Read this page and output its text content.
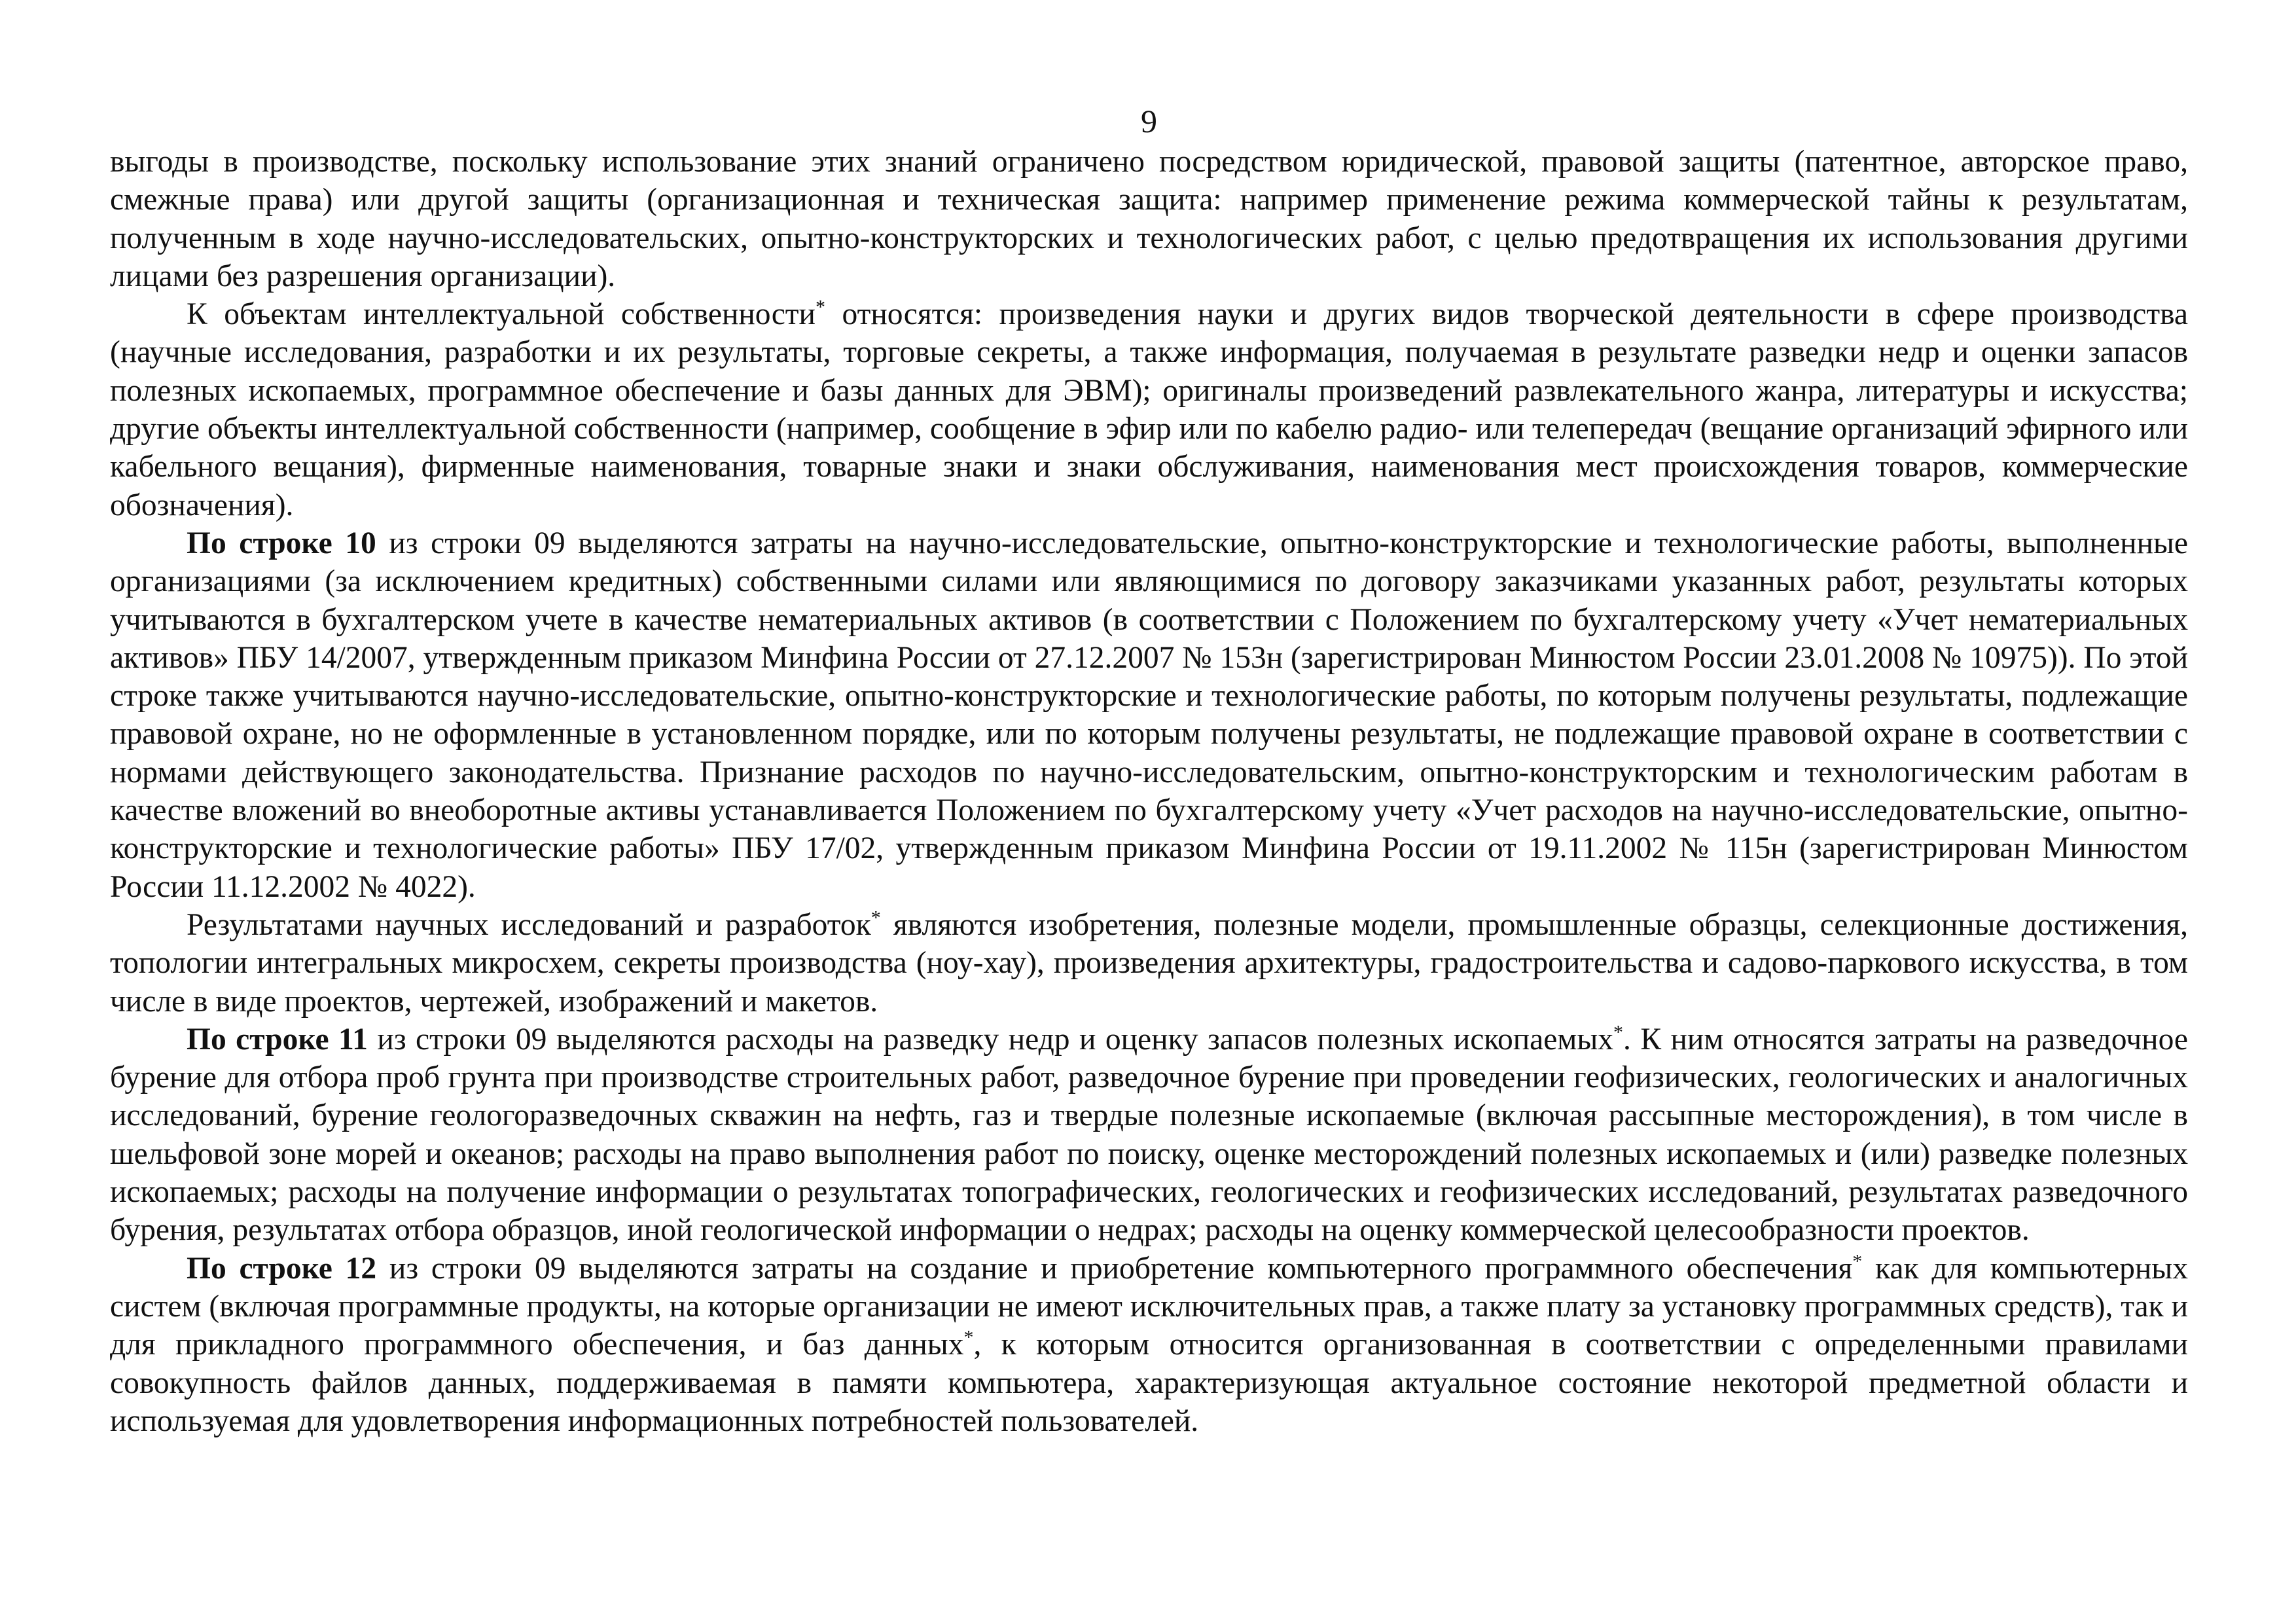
9

выгоды в производстве, поскольку использование этих знаний ограничено посредством юридической, правовой защиты (патентное, авторское право, смежные права) или другой защиты (организационная и техническая защита: например применение режима коммерческой тайны к результатам, полученным в ходе научно-исследовательских, опытно-конструкторских и технологических работ, с целью предотвращения их использования другими лицами без разрешения организации).

К объектам интеллектуальной собственности* относятся: произведения науки и других видов творческой деятельности в сфере производства (научные исследования, разработки и их результаты, торговые секреты, а также информация, получаемая в результате разведки недр и оценки запасов полезных ископаемых, программное обеспечение и базы данных для ЭВМ); оригиналы произведений развлекательного жанра, литературы и искусства; другие объекты интеллектуальной собственности (например, сообщение в эфир или по кабелю радио- или телепередач (вещание организаций эфирного или кабельного вещания), фирменные наименования, товарные знаки и знаки обслуживания, наименования мест происхождения товаров, коммерческие обозначения).

По строке 10 из строки 09 выделяются затраты на научно-исследовательские, опытно-конструкторские и технологические работы, выполненные организациями (за исключением кредитных) собственными силами или являющимися по договору заказчиками указанных работ, результаты которых учитываются в бухгалтерском учете в качестве нематериальных активов (в соответствии с Положением по бухгалтерскому учету «Учет нематериальных активов» ПБУ 14/2007, утвержденным приказом Минфина России от 27.12.2007 № 153н (зарегистрирован Минюстом России 23.01.2008 № 10975)). По этой строке также учитываются научно-исследовательские, опытно-конструкторские и технологические работы, по которым получены результаты, подлежащие правовой охране, но не оформленные в установленном порядке, или по которым получены результаты, не подлежащие правовой охране в соответствии с нормами действующего законодательства. Признание расходов по научно-исследовательским, опытно-конструкторским и технологическим работам в качестве вложений во внеоборотные активы устанавливается Положением по бухгалтерскому учету «Учет расходов на научно-исследовательские, опытно-конструкторские и технологические работы» ПБУ 17/02, утвержденным приказом Минфина России от 19.11.2002 № 115н (зарегистрирован Минюстом России 11.12.2002 № 4022).

Результатами научных исследований и разработок* являются изобретения, полезные модели, промышленные образцы, селекционные достижения, топологии интегральных микросхем, секреты производства (ноу-хау), произведения архитектуры, градостроительства и садово-паркового искусства, в том числе в виде проектов, чертежей, изображений и макетов.

По строке 11 из строки 09 выделяются расходы на разведку недр и оценку запасов полезных ископаемых*. К ним относятся затраты на разведочное бурение для отбора проб грунта при производстве строительных работ, разведочное бурение при проведении геофизических, геологических и аналогичных исследований, бурение геологоразведочных скважин на нефть, газ и твердые полезные ископаемые (включая рассыпные месторождения), в том числе в шельфовой зоне морей и океанов; расходы на право выполнения работ по поиску, оценке месторождений полезных ископаемых и (или) разведке полезных ископаемых; расходы на получение информации о результатах топографических, геологических и геофизических исследований, результатах разведочного бурения, результатах отбора образцов, иной геологической информации о недрах; расходы на оценку коммерческой целесообразности проектов.

По строке 12 из строки 09 выделяются затраты на создание и приобретение компьютерного программного обеспечения* как для компьютерных систем (включая программные продукты, на которые организации не имеют исключительных прав, а также плату за установку программных средств), так и для прикладного программного обеспечения, и баз данных*, к которым относится организованная в соответствии с определенными правилами совокупность файлов данных, поддерживаемая в памяти компьютера, характеризующая актуальное состояние некоторой предметной области и используемая для удовлетворения информационных потребностей пользователей.
